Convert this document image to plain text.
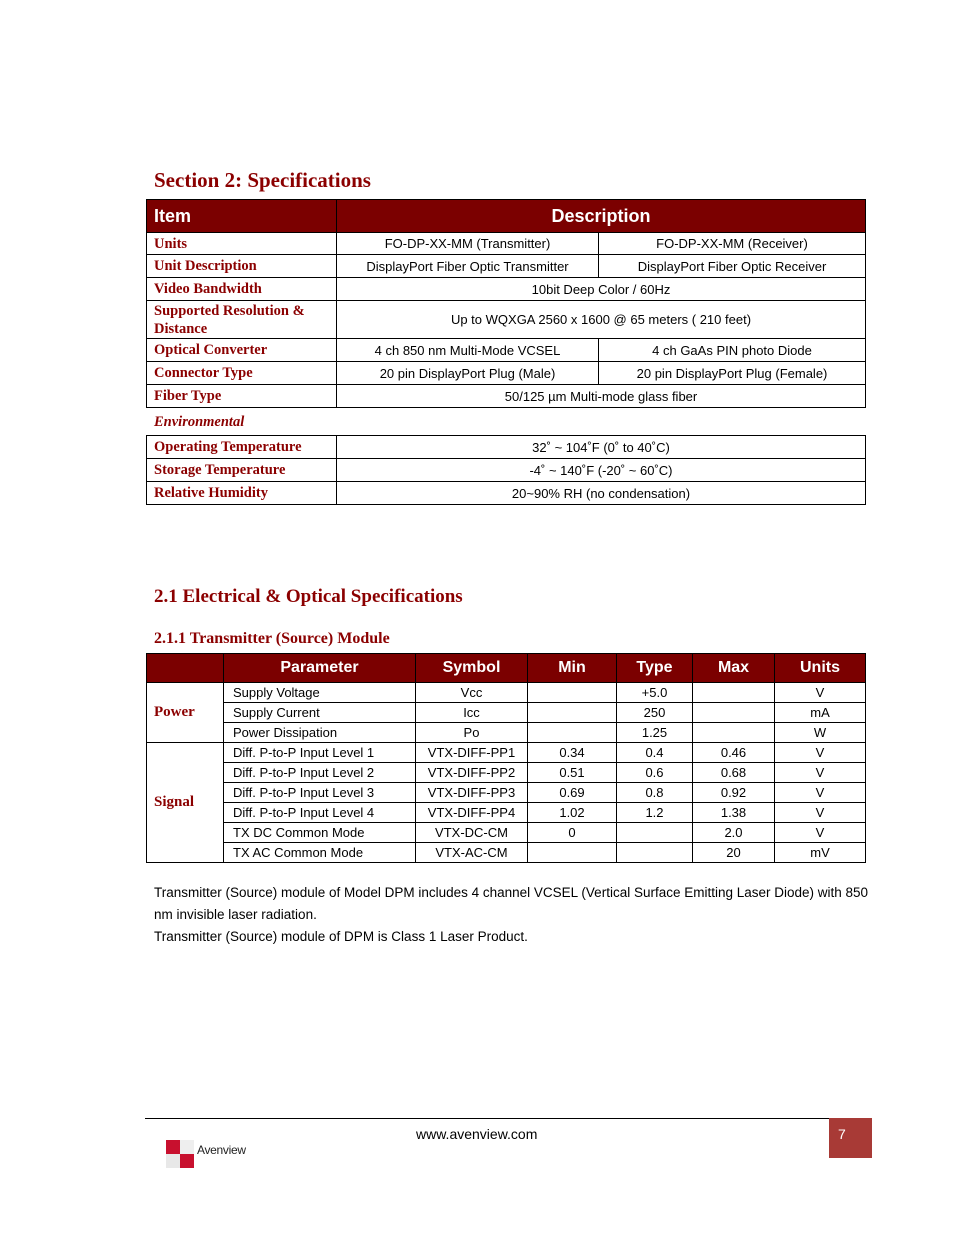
Section 2: Specifications
Item	Description	
Units	FO-DP-XX-MM (Transmitter)	FO-DP-XX-MM (Receiver)
Unit Description	DisplayPort Fiber Optic Transmitter	DisplayPort Fiber Optic Receiver
Video Bandwidth	10bit Deep Color / 60Hz	
Supported Resolution & Distance	Up to WQXGA 2560 x 1600 @ 65 meters ( 210 feet)	
Optical Converter	4 ch 850 nm Multi-Mode VCSEL	4 ch GaAs PIN photo Diode
Connector Type	20 pin DisplayPort Plug (Male)	20 pin DisplayPort Plug (Female)
Fiber Type	50/125 µm Multi-mode glass fiber	
Environmental
Operating Temperature	32˚ ~ 104˚F (0˚ to 40˚C)
Storage Temperature	-4˚ ~ 140˚F (-20˚ ~ 60˚C)
Relative Humidity	20~90% RH (no condensation)
2.1 Electrical & Optical Specifications
2.1.1 Transmitter (Source) Module
	Parameter	Symbol	Min	Type	Max	Units
Power	Supply Voltage	Vcc		+5.0		V
	Supply Current	Icc		250		mA
	Power Dissipation	Po		1.25		W
Signal	Diff. P-to-P Input Level 1	VTX-DIFF-PP1	0.34	0.4	0.46	V
	Diff. P-to-P Input Level 2	VTX-DIFF-PP2	0.51	0.6	0.68	V
	Diff. P-to-P Input Level 3	VTX-DIFF-PP3	0.69	0.8	0.92	V
	Diff. P-to-P Input Level 4	VTX-DIFF-PP4	1.02	1.2	1.38	V
	TX DC Common Mode	VTX-DC-CM	0		2.0	V
	TX AC Common Mode	VTX-AC-CM			20	mV

Transmitter (Source) module of Model DPM includes 4 channel VCSEL (Vertical Surface Emitting Laser Diode) with 850 nm invisible laser radiation.

Transmitter (Source) module of DPM is Class 1 Laser Product.

www.avenview.com	7
Avenview
